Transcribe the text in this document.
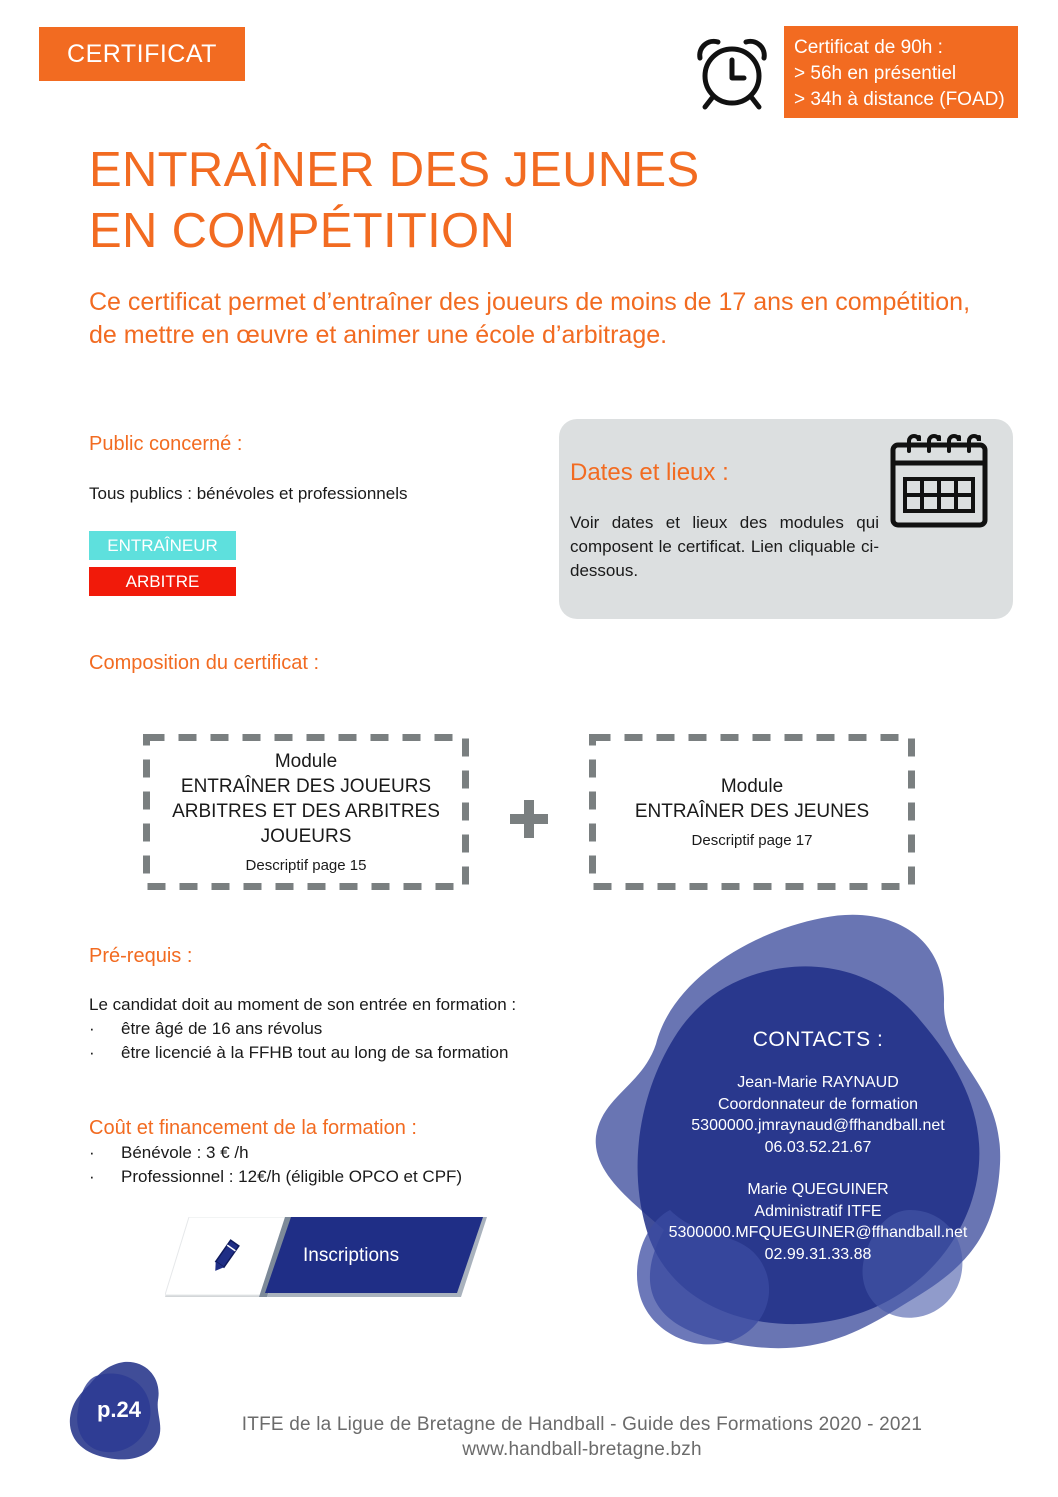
CERTIFICAT	Certificat de 90h :
> 56h en présentiel
> 34h à distance (FOAD)
ENTRAÎNER DES JEUNES
EN COMPÉTITION
Ce certificat permet d’entraîner des joueurs de moins de 17 ans en compétition,
de mettre en œuvre et animer une école d’arbitrage.
Public concerné :
Tous publics : bénévoles et professionnels
ENTRAÎNEUR
ARBITRE
Dates et lieux :
Voir dates et lieux des modules qui composent le certificat. Lien cliquable ci-dessous.
Composition du certificat :
Module
ENTRAÎNER DES JOUEURS ARBITRES ET DES ARBITRES JOUEURS
Descriptif page 15
Module
ENTRAÎNER DES JEUNES
Descriptif page 17
Pré-requis :
Le candidat doit au moment de son entrée en formation :
· être âgé de 16 ans révolus
· être licencié à la FFHB tout au long de sa formation
Coût et financement de la formation :
· Bénévole : 3 € /h
· Professionnel : 12€/h (éligible OPCO et CPF)
Inscriptions
CONTACTS :
Jean-Marie RAYNAUD
Coordonnateur de formation
5300000.jmraynaud@ffhandball.net
06.03.52.21.67
Marie QUEGUINER
Administratif ITFE
5300000.MFQUEGUINER@ffhandball.net
02.99.31.33.88
p.24
ITFE de la Ligue de Bretagne de Handball - Guide des Formations 2020 - 2021
www.handball-bretagne.bzh
